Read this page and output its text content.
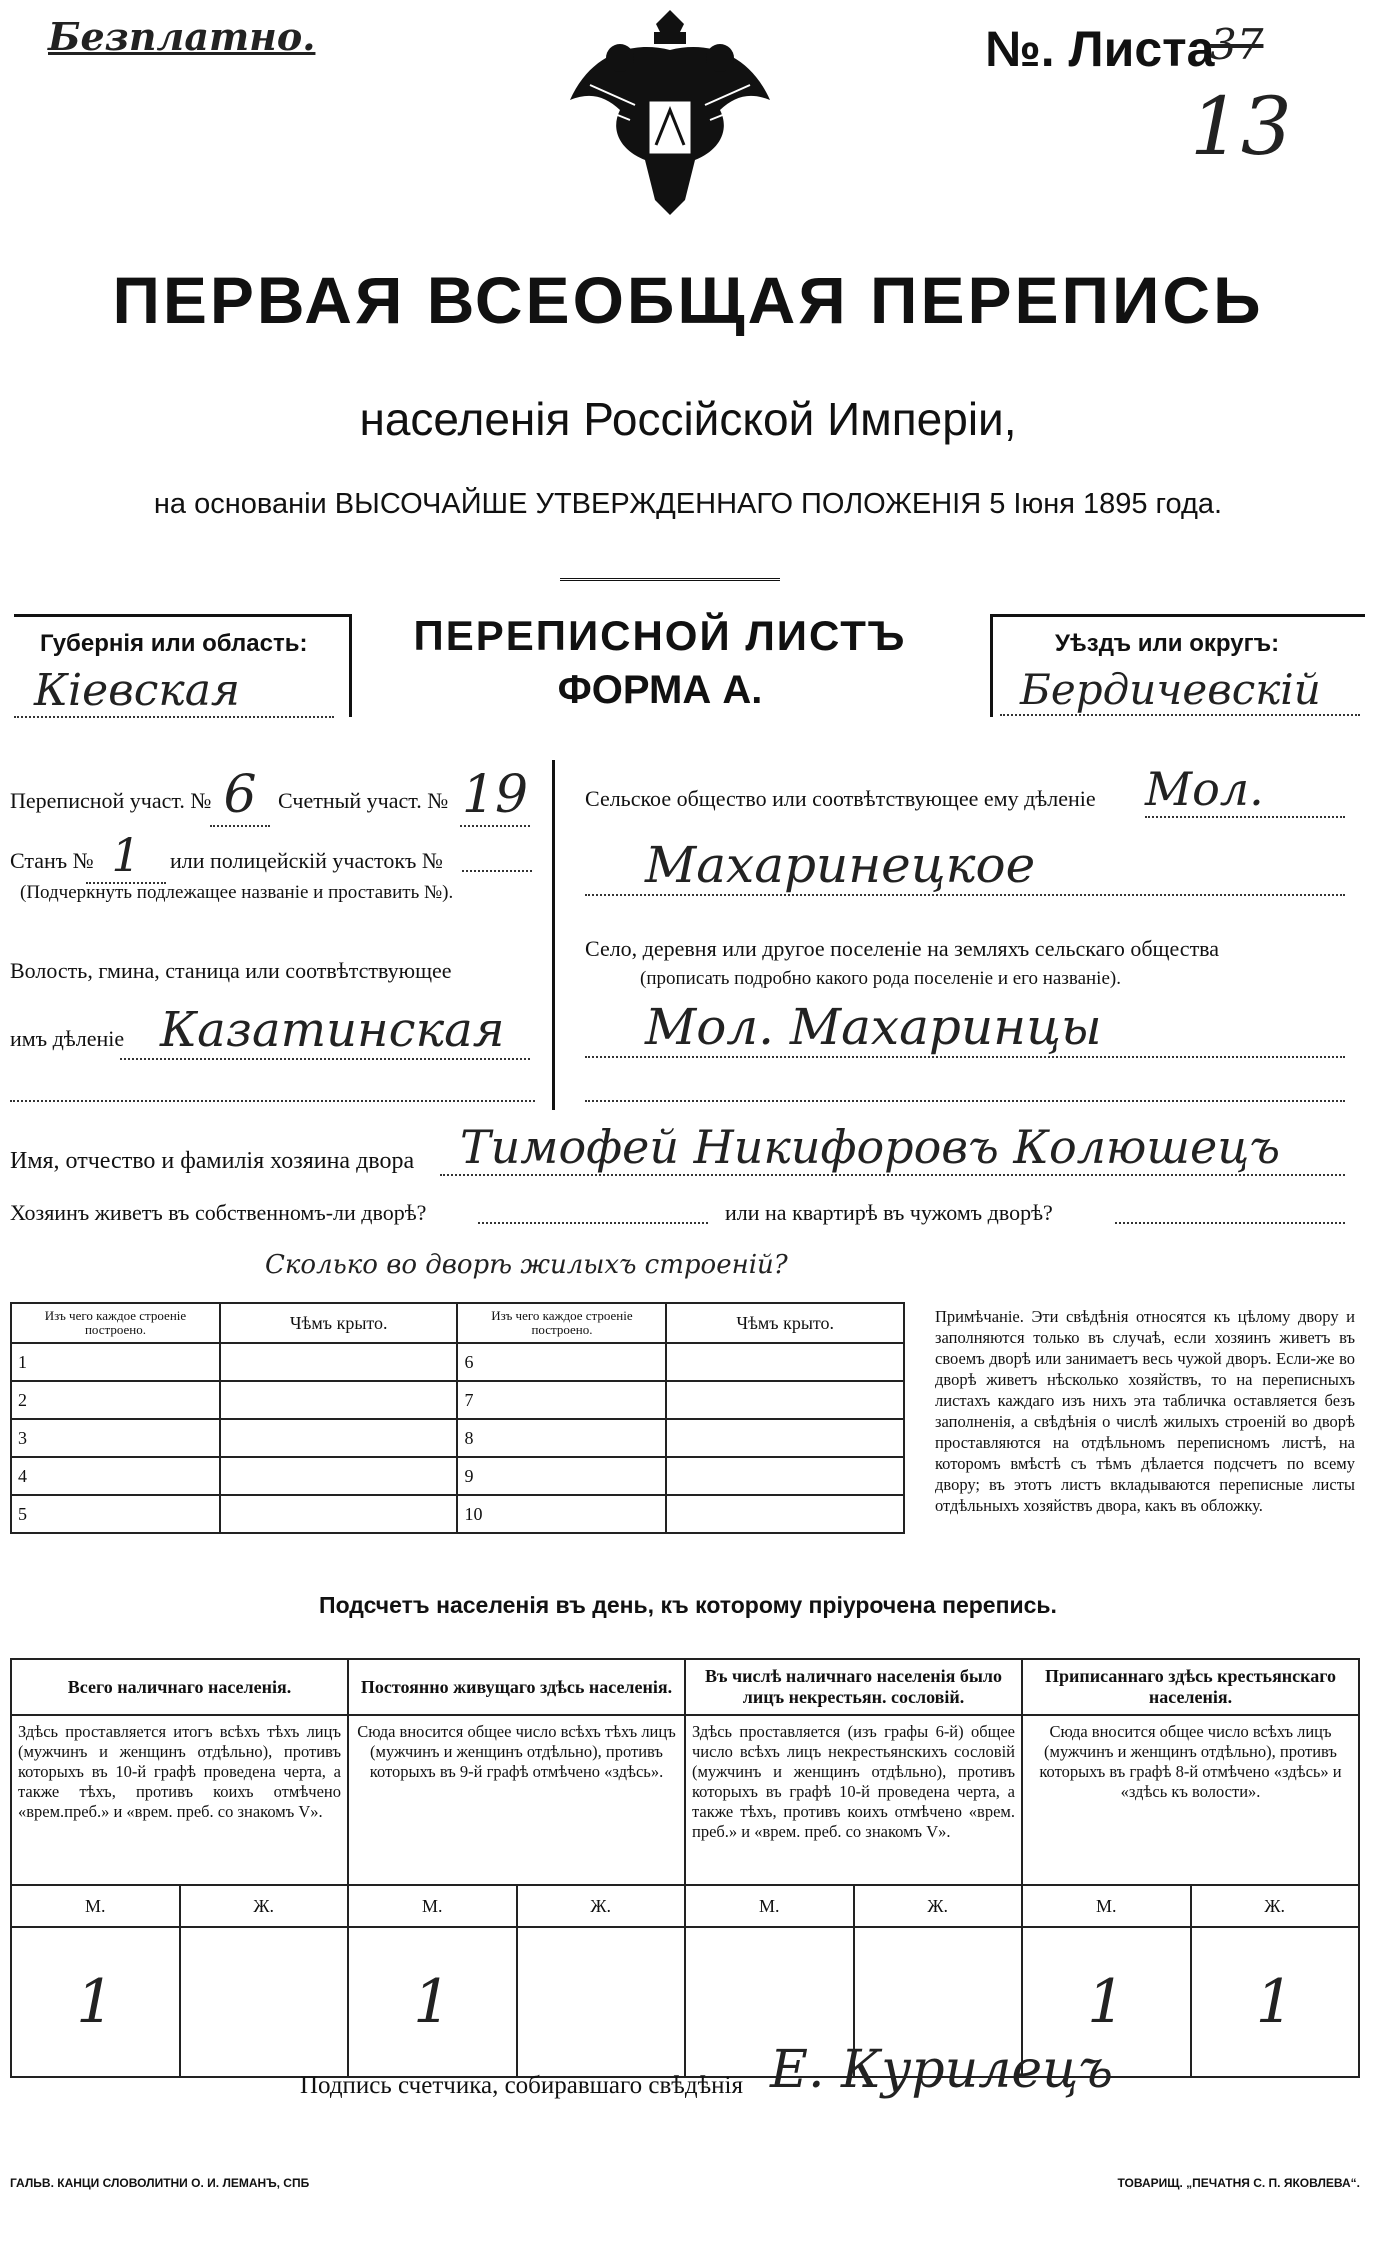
Безплатно.	№. Листа
37
13
ПЕРВАЯ ВСЕОБЩАЯ ПЕРЕПИСЬ
населенія Россійской Имперіи,
на основаніи ВЫСОЧАЙШЕ УТВЕРЖДЕННАГО ПОЛОЖЕНІЯ 5 Іюня 1895 года.
Губернія или область:
Кіевская
ПЕРЕПИСНОЙ ЛИСТЪ
ФОРМА А.
Уѣздъ или округъ:
Бердичевскій
Переписной участ. № 6 Счетный участ. № 19
Станъ № 1	или полицейскій участокъ №
(Подчеркнуть подлежащее названіе и проставить №).
Волость, гмина, станица или соотвѣтствующее
имъ дѣленіе Казатинская
Сельское общество или соотвѣтствующее ему дѣленіе Мол.
Махаринецкое
Село, деревня или другое поселеніе на земляхъ сельскаго общества
(прописать подробно какого рода поселеніе и его названіе).
Мол. Махаринцы
Имя, отчество и фамилія хозяина двора Тимофей Никифоровъ Колюшецъ
Хозяинъ живетъ въ собственномъ-ли дворѣ?	или на квартирѣ въ чужомъ дворѣ?
Сколько во дворѣ жилыхъ строеній?
Изъ чего каждое строеніе построено.	Чѣмъ крыто.	Изъ чего каждое строеніе построено.	Чѣмъ крыто.
1		6	
2		7	
3		8	
4		9	
5		10	
Примѣчаніе. Эти свѣдѣнія относятся къ цѣлому двору и заполняются только въ случаѣ, если хозяинъ живетъ въ своемъ дворѣ или занимаетъ весь чужой дворъ. Если-же во дворѣ живетъ нѣсколько хозяйствъ, то на переписныхъ листахъ каждаго изъ нихъ эта табличка оставляется безъ заполненія, а свѣдѣнія о числѣ жилыхъ строеній во дворѣ проставляются на отдѣльномъ переписномъ листѣ, на которомъ вмѣстѣ съ тѣмъ дѣлается подсчетъ по всему двору; въ этотъ листъ вкладываются переписные листы отдѣльныхъ хозяйствъ двора, какъ въ обложку.
Подсчетъ населенія въ день, къ которому пріурочена перепись.
Всего наличнаго населенія.		Постоянно живущаго здѣсь населенія.		Въ числѣ наличнаго населенія было лицъ некрестьян. сословій.		Приписаннаго здѣсь крестьянскаго населенія.	
Здѣсь проставляется итогъ всѣхъ тѣхъ лицъ (мужчинъ и женщинъ отдѣльно), противъ которыхъ въ 10-й графѣ проведена черта, а также тѣхъ, противъ коихъ отмѣчено «врем.преб.» и «врем. преб. со знакомъ V».		Сюда вносится общее число всѣхъ тѣхъ лицъ (мужчинъ и женщинъ отдѣльно), противъ которыхъ въ 9-й графѣ отмѣчено «здѣсь».		Здѣсь проставляется (изъ графы 6-й) общее число всѣхъ лицъ некрестьянскихъ сословій (мужчинъ и женщинъ отдѣльно), противъ которыхъ въ графѣ 10-й проведена черта, а также тѣхъ, противъ коихъ отмѣчено «врем. преб.» и «врем. преб. со знакомъ V».		Сюда вносится общее число всѣхъ лицъ (мужчинъ и женщинъ отдѣльно), противъ которыхъ въ графѣ 8-й отмѣчено «здѣсь» и «здѣсь къ волости».	
М.	Ж.	М.	Ж.	М.	Ж.	М.	Ж.
1		1				1	1
Подпись счетчика, собиравшаго свѣдѣнія Е. Курилецъ
ГАЛЬВ. КАНЦИ СЛОВОЛИТНИ О. И. ЛЕМАНЪ, СПБ	ТОВАРИЩ. „ПЕЧАТНЯ С. П. ЯКОВЛЕВА“.
